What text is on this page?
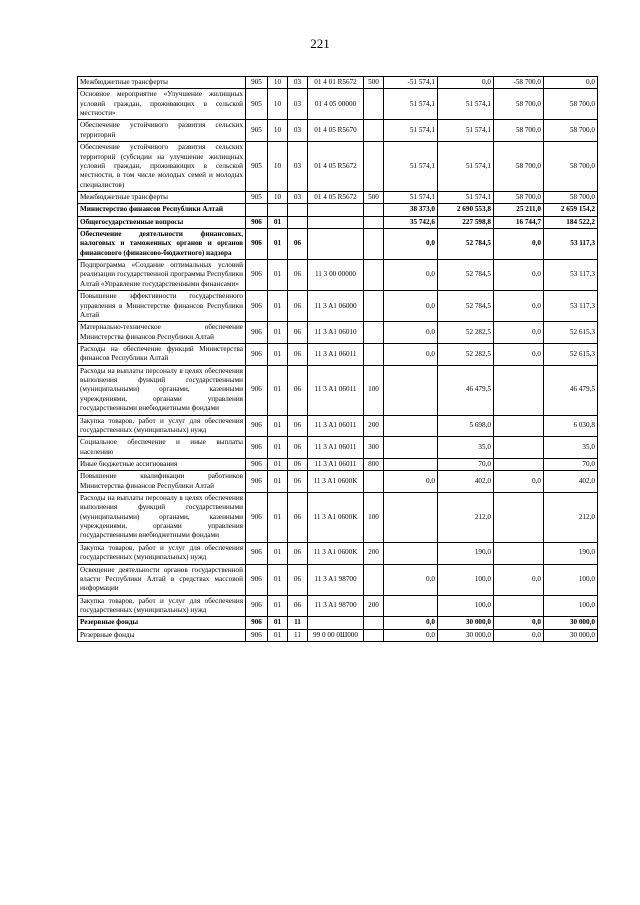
221
Межбюджетные трансферты	905	10	03	01 4 01 R5672	500	-51 574,1	0,0	-58 700,0	0,0
Основное мероприятие «Улучшение жилищных условий граждан, проживающих в сельской местности»	905	10	03	01 4 05 00000		51 574,1	51 574,1	58 700,0	58 700,0
Обеспечение устойчивого развития сельских территорий	905	10	03	01 4 05 R5670		51 574,1	51 574,1	58 700,0	58 700,0
Обеспечение устойчивого развития сельских территорий (субсидии на улучшение жилищных условий граждан, проживающих в сельской местности, в том числе молодых семей и молодых специалистов)	905	10	03	01 4 05 R5672		51 574,1	51 574,1	58 700,0	58 700,0
Межбюджетные трансферты	905	10	03	01 4 05 R5672	500	51 574,1	51 574,1	58 700,0	58 700,0
Министерство финансов Республики Алтай						38 373,0	2 690 553,8	25 211,0	2 659 154,2
Общегосударственные вопросы	906	01				35 742,6	227 598,8	16 744,7	184 522,2
Обеспечение деятельности финансовых, налоговых и таможенных органов и органов финансового (финансово-бюджетного) надзора	906	01	06			0,0	52 784,5	0,0	53 117,3
Подпрограмма «Создание оптимальных условий реализации государственной программы Республики Алтай «Управление государственными финансами»	906	01	06	11 3 00 00000		0,0	52 784,5	0,0	53 117,3
Повышение эффективности государственного управления в Министерстве финансов Республики Алтай	906	01	06	11 3 A1 06000		0,0	52 784,5	0,0	53 117,3
Материально-техническое обеспечение Министерства финансов Республики Алтай	906	01	06	11 3 A1 06010		0,0	52 282,5	0,0	52 615,3
Расходы на обеспечение функций Министерства финансов Республики Алтай	906	01	06	11 3 A1 06011		0,0	52 282,5	0,0	52 615,3
Расходы на выплаты персоналу в целях обеспечения выполнения функций государственными (муниципальными) органами, казенными учреждениями, органами управления государственными внебюджетными фондами	906	01	06	11 3 A1 06011	100		46 479,5		46 479,5
Закупка товаров, работ и услуг для обеспечения государственных (муниципальных) нужд	906	01	06	11 3 A1 06011	200		5 698,0		6 030,8
Социальное обеспечение и иные выплаты населению	906	01	06	11 3 A1 06011	300		35,0		35,0
Иные бюджетные ассигнования	906	01	06	11 3 A1 06011	800		70,0		70,0
Повышение квалификации работников Министерства финансов Республики Алтай	906	01	06	11 3 A1 0600K		0,0	402,0	0,0	402,0
Расходы на выплаты персоналу в целях обеспечения выполнения функций государственными (муниципальными) органами, казенными учреждениями, органами управления государственными внебюджетными фондами	906	01	06	11 3 A1 0600K	100		212,0		212,0
Закупка товаров, работ и услуг для обеспечения государственных (муниципальных) нужд	906	01	06	11 3 A1 0600K	200		190,0		190,0
Освещение деятельности органов государственной власти Республики Алтай в средствах массовой информации	906	01	06	11 3 A1 98700		0,0	100,0	0,0	100,0
Закупка товаров, работ и услуг для обеспечения государственных (муниципальных) нужд	906	01	06	11 3 A1 98700	200		100,0		100,0
Резервные фонды	906	01	11			0,0	30 000,0	0,0	30 000,0
Резервные фонды	906	01	11	99 0 00 0Ш000		0,0	30 000,0	0,0	30 000,0
